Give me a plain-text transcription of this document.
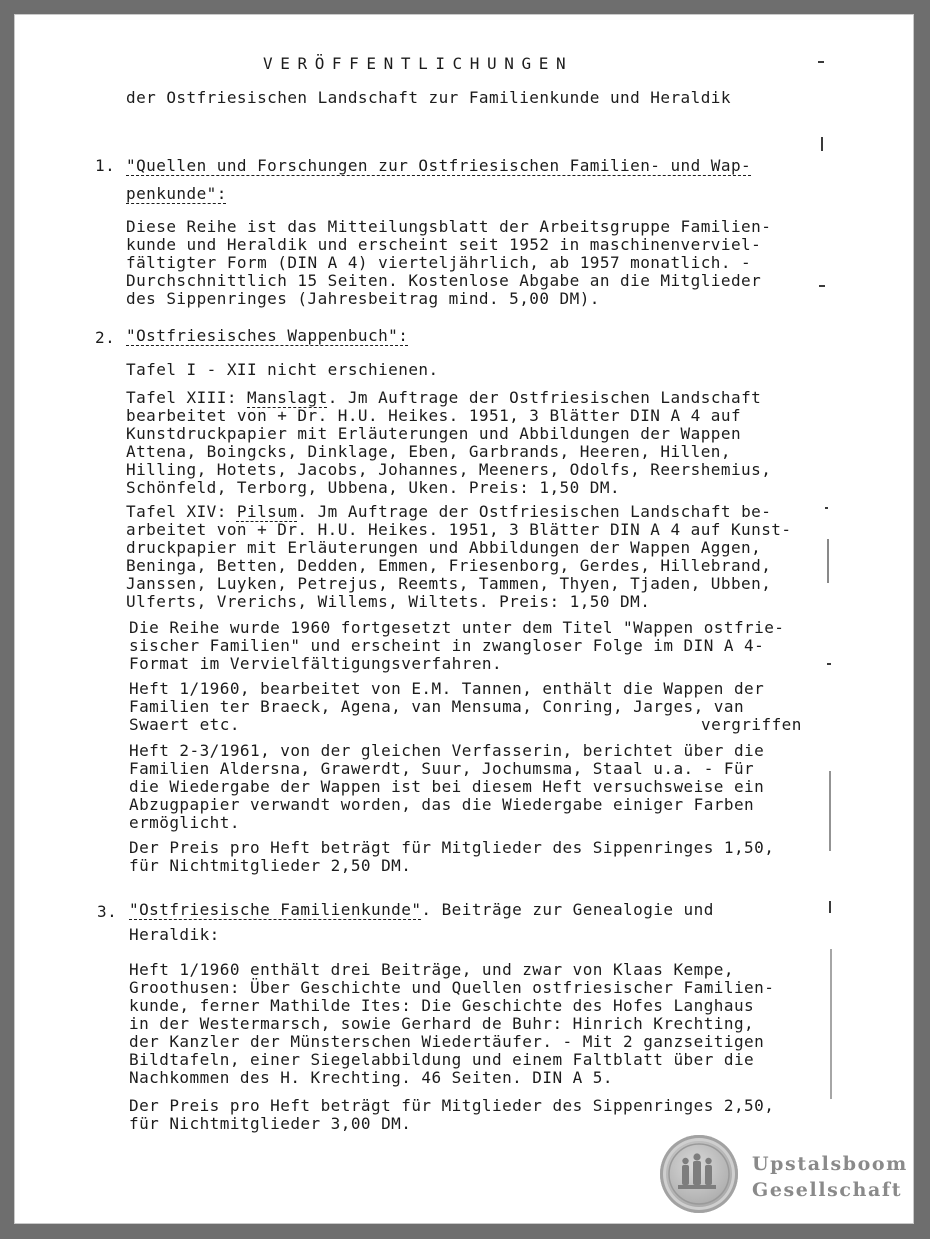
VERÖFFENTLICHUNGEN
der Ostfriesischen Landschaft zur Familienkunde und Heraldik
1. "Quellen und Forschungen zur Ostfriesischen Familien- und Wap-
penkunde":
Diese Reihe ist das Mitteilungsblatt der Arbeitsgruppe Familien-
kunde und Heraldik und erscheint seit 1952 in maschinenverviel-
fältigter Form (DIN A 4) vierteljährlich, ab 1957 monatlich. -
Durchschnittlich 15 Seiten. Kostenlose Abgabe an die Mitglieder
des Sippenringes (Jahresbeitrag mind. 5,00 DM).
2. "Ostfriesisches Wappenbuch":
Tafel I - XII nicht erschienen.
Tafel XIII: Manslagt. Jm Auftrage der Ostfriesischen Landschaft
bearbeitet von + Dr. H.U. Heikes. 1951, 3 Blätter DIN A 4 auf
Kunstdruckpapier mit Erläuterungen und Abbildungen der Wappen
Attena, Boingcks, Dinklage, Eben, Garbrands, Heeren, Hillen,
Hilling, Hotets, Jacobs, Johannes, Meeners, Odolfs, Reershemius,
Schönfeld, Terborg, Ubbena, Uken. Preis: 1,50 DM.
Tafel XIV: Pilsum. Jm Auftrage der Ostfriesischen Landschaft be-
arbeitet von + Dr. H.U. Heikes. 1951, 3 Blätter DIN A 4 auf Kunst-
druckpapier mit Erläuterungen und Abbildungen der Wappen Aggen,
Beninga, Betten, Dedden, Emmen, Friesenborg, Gerdes, Hillebrand,
Janssen, Luyken, Petrejus, Reemts, Tammen, Thyen, Tjaden, Ubben,
Ulferts, Vrerichs, Willems, Wiltets. Preis: 1,50 DM.
Die Reihe wurde 1960 fortgesetzt unter dem Titel "Wappen ostfrie-
sischer Familien" und erscheint in zwangloser Folge im DIN A 4-
Format im Vervielfältigungsverfahren.
Heft 1/1960, bearbeitet von E.M. Tannen, enthält die Wappen der
Familien ter Braeck, Agena, van Mensuma, Conring, Jarges, van
Swaert etc.	vergriffen
Heft 2-3/1961, von der gleichen Verfasserin, berichtet über die
Familien Aldersna, Grawerdt, Suur, Jochumsma, Staal u.a. - Für
die Wiedergabe der Wappen ist bei diesem Heft versuchsweise ein
Abzugpapier verwandt worden, das die Wiedergabe einiger Farben
ermöglicht.
Der Preis pro Heft beträgt für Mitglieder des Sippenringes 1,50,
für Nichtmitglieder 2,50 DM.
3. "Ostfriesische Familienkunde". Beiträge zur Genealogie und
Heraldik:
Heft 1/1960 enthält drei Beiträge, und zwar von Klaas Kempe,
Groothusen: Über Geschichte und Quellen ostfriesischer Familien-
kunde, ferner Mathilde Ites: Die Geschichte des Hofes Langhaus
in der Westermarsch, sowie Gerhard de Buhr: Hinrich Krechting,
der Kanzler der Münsterschen Wiedertäufer. - Mit 2 ganzseitigen
Bildtafeln, einer Siegelabbildung und einem Faltblatt über die
Nachkommen des H. Krechting. 46 Seiten. DIN A 5.
Der Preis pro Heft beträgt für Mitglieder des Sippenringes 2,50,
für Nichtmitglieder 3,00 DM.
Upstalsboom
Gesellschaft
